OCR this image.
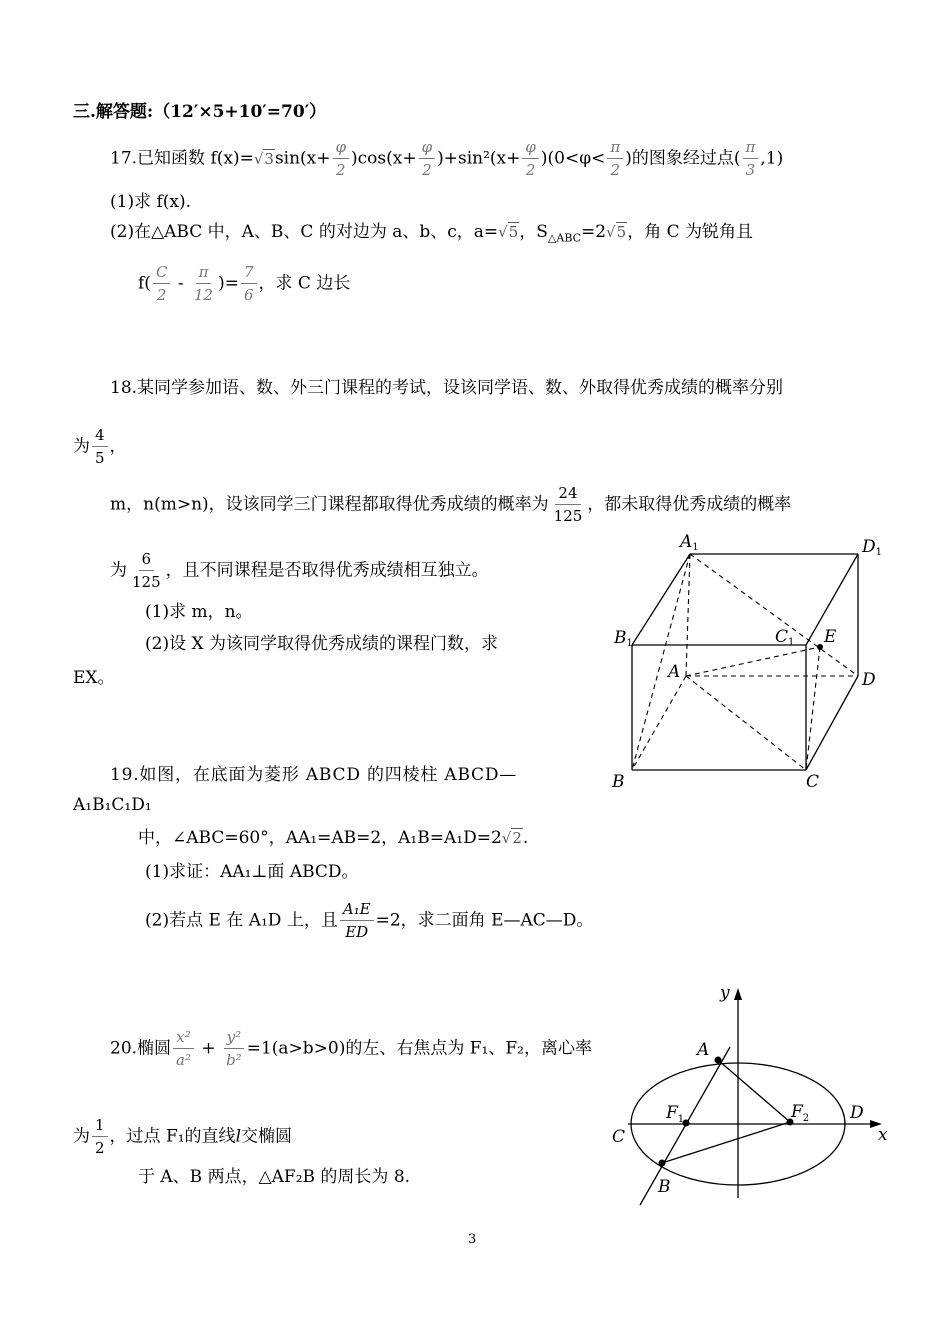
三.解答题:（12′×5+10′=70′）
17.已知函数 $f(x)=√3\sin(x+ \frac{\varphi}{2} )\cos(x+ \frac{\varphi}{2} )+\sin^2(x+ \frac{\varphi}{2} )(0<\varphi< \frac{\pi}{2}$ )的图象经过点( $\frac{\pi}{3} ,1$)
(1)求 f(x).
(2)在△ABC 中，A、B、C 的对边为 a、b、c，a=√5，$S_{\triangle ABC}=2√5$，角 C 为锐角且
$f( \frac{C}{2} - \frac{\pi}{12}$ )= $\frac{7}{6}$ ，求 C 边长
18.某同学参加语、数、外三门课程的考试，设该同学语、数、外取得优秀成绩的概率分别
为 $\frac{4}{5}$ ，
m，n(m>n)，设该同学三门课程都取得优秀成绩的概率为 $\frac{24}{125}$ ，都未取得优秀成绩的概率
为 $\frac{6}{125}$ ，且不同课程是否取得优秀成绩相互独立。
(1)求 m，n。
(2)设 X 为该同学取得优秀成绩的课程门数，求
EX。
19.如图，在底面为菱形 ABCD 的四棱柱 ABCD—
A₁B₁C₁D₁
中，∠ABC=60°，AA₁=AB=2，A₁B=A₁D=2√2.
(1)求证：AA₁⊥面 ABCD。
(2)若点 E 在 A₁D 上，且 $\frac{\text{A₁E}}{ED} =2$，求二面角 E—AC—D。
20.椭圆 $\frac{\text{x²}}{\text{a²}} + \frac{\text{y²}}{\text{b²}} =1(a>b>0)$的左、右焦点为 F₁、F₂，离心率
为 $\frac{1}{2}$ ，过点 F₁的直线l交椭圆
于 A、B 两点，△AF₂B 的周长为 8.
A1	D1
B1	C1 E
A	D
B	C
y
x
A
$F_1$	$F_2$
C
D
B
3
